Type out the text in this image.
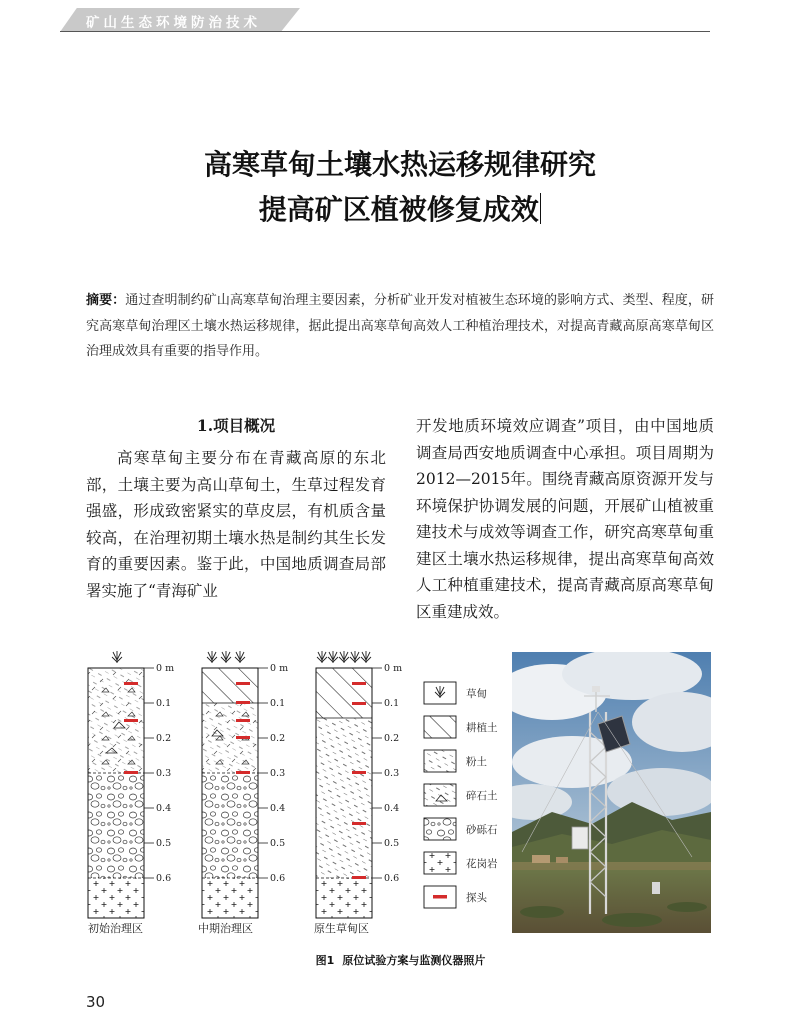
矿山生态环境防治技术
高寒草甸土壤水热运移规律研究
提高矿区植被修复成效
摘要：通过查明制约矿山高寒草甸治理主要因素，分析矿业开发对植被生态环境的影响方式、类型、程度，研究高寒草甸治理区土壤水热运移规律，据此提出高寒草甸高效人工种植治理技术，对提高青藏高原高寒草甸区治理成效具有重要的指导作用。
1.项目概况
高寒草甸主要分布在青藏高原的东北部，土壤主要为高山草甸土，生草过程发育强盛，形成致密紧实的草皮层，有机质含量较高，在治理初期土壤水热是制约其生长发育的重要因素。鉴于此，中国地质调查局部署实施了“青海矿业
开发地质环境效应调查”项目，由中国地质调查局西安地质调查中心承担。项目周期为2012—2015年。围绕青藏高原资源开发与环境保护协调发展的问题，开展矿山植被重建技术与成效等调查工作，研究高寒草甸重建区土壤水热运移规律，提出高寒草甸高效人工种植重建技术，提高青藏高原高寒草甸区重建成效。
0 m
0.1
0.2
0.3
0.4
0.5
0.6
初始治理区
0 m
0.1
0.2
0.3
0.4
0.5
0.6
中期治理区
0 m
0.1
0.2
0.3
0.4
0.5
0.6
原生草甸区
草甸
耕植土
粉土
碎石土
砂砾石
花岗岩
探头
图1 原位试验方案与监测仪器照片
30
